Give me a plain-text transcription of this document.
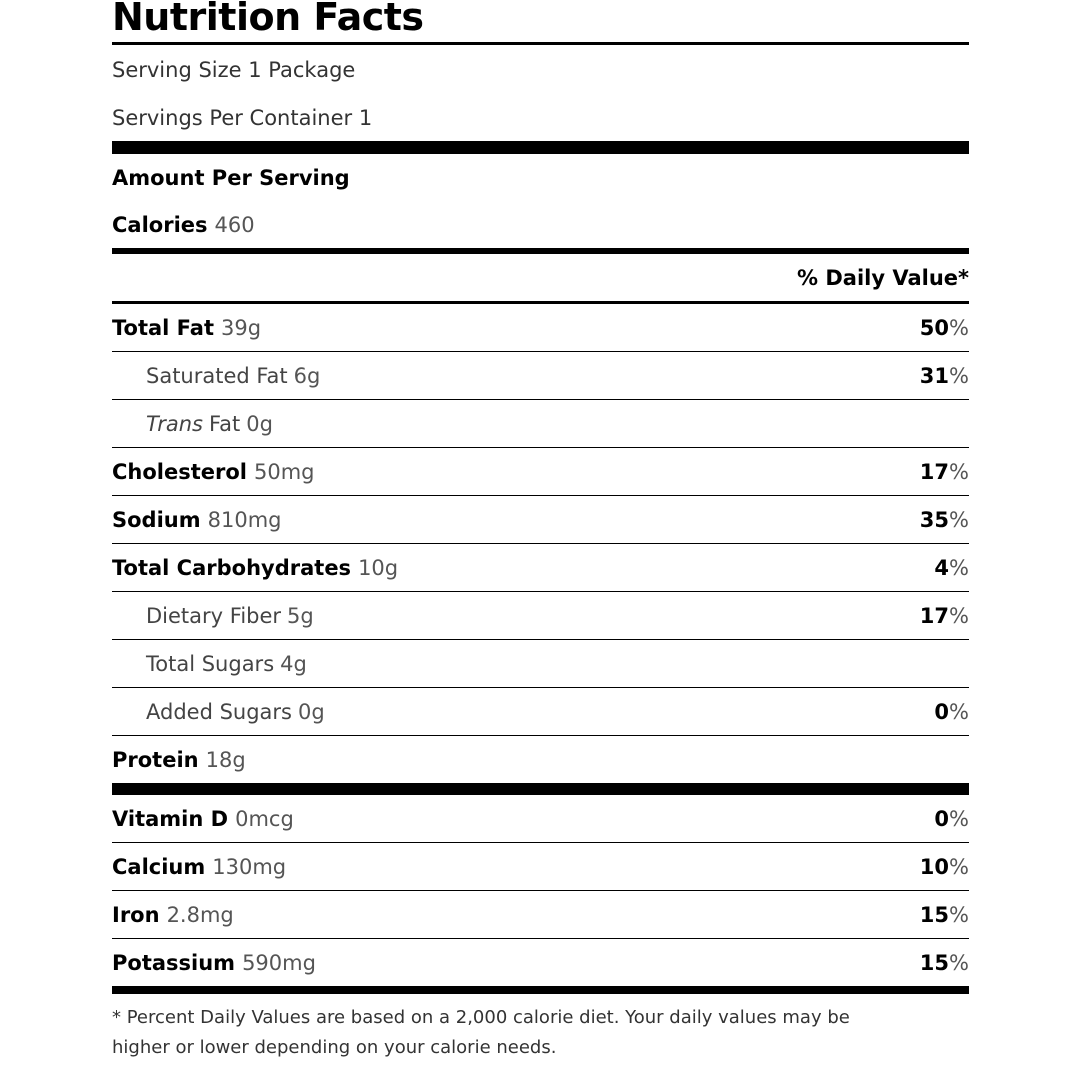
Nutrition Facts
Serving Size 1 Package
Servings Per Container 1
Amount Per Serving
Calories 460
% Daily Value*
Total Fat 39g	50%
Saturated Fat 6g	31%
Trans Fat 0g
Cholesterol 50mg	17%
Sodium 810mg	35%
Total Carbohydrates 10g	4%
Dietary Fiber 5g	17%
Total Sugars 4g
Added Sugars 0g	0%
Protein 18g
Vitamin D 0mcg	0%
Calcium 130mg	10%
Iron 2.8mg	15%
Potassium 590mg	15%
* Percent Daily Values are based on a 2,000 calorie diet. Your daily values may be
higher or lower depending on your calorie needs.
